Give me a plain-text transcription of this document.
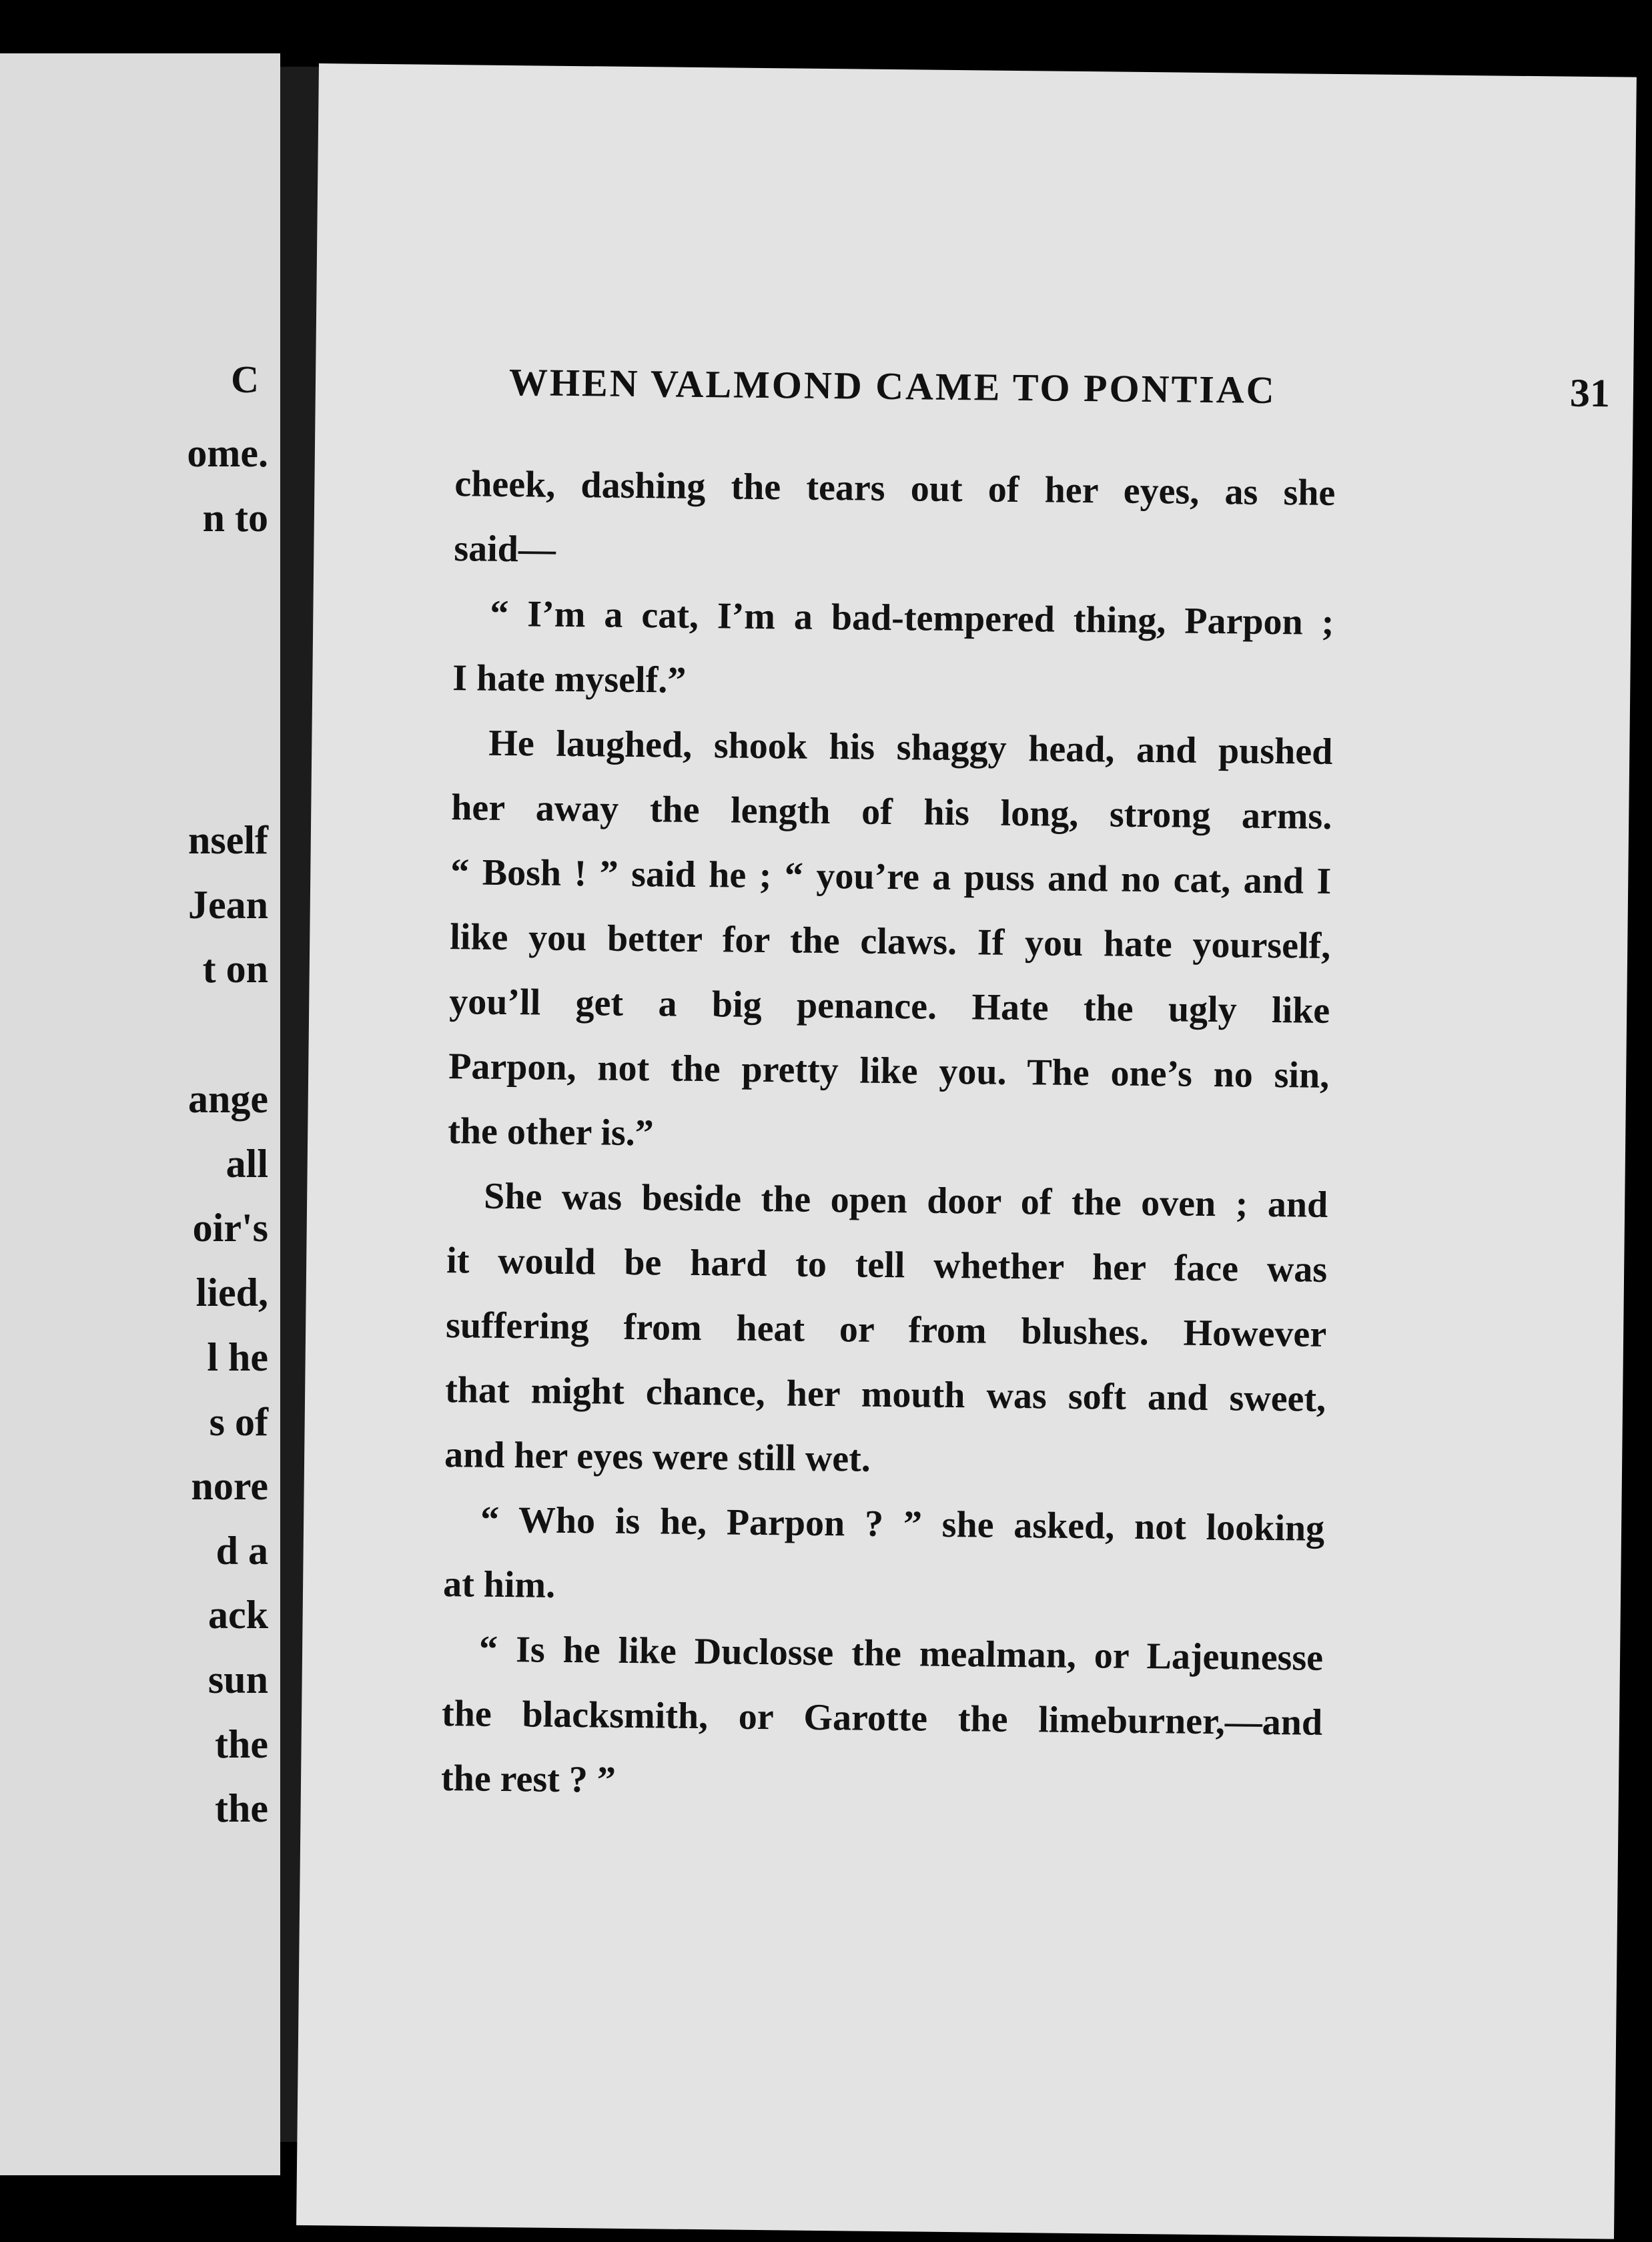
C
ome.
n to
nself
Jean
t on
ange
all
oir's
lied,
l he
s of
nore
d a
ack
sun
the
the
WHEN VALMOND CAME TO PONTIAC	31
cheek, dashing the tears out of her eyes, as she
said—
“ I’m a cat, I’m a bad-tempered thing, Parpon ;
I hate myself.”
He laughed, shook his shaggy head, and pushed
her away the length of his long, strong arms.
“ Bosh ! ” said he ; “ you’re a puss and no cat, and I
like you better for the claws. If you hate yourself,
you’ll get a big penance. Hate the ugly like
Parpon, not the pretty like you. The one’s no sin,
the other is.”
She was beside the open door of the oven ; and
it would be hard to tell whether her face was
suffering from heat or from blushes. However
that might chance, her mouth was soft and sweet,
and her eyes were still wet.
“ Who is he, Parpon ? ” she asked, not looking
at him.
“ Is he like Duclosse the mealman, or Lajeunesse
the blacksmith, or Garotte the limeburner,—and
the rest ? ”
